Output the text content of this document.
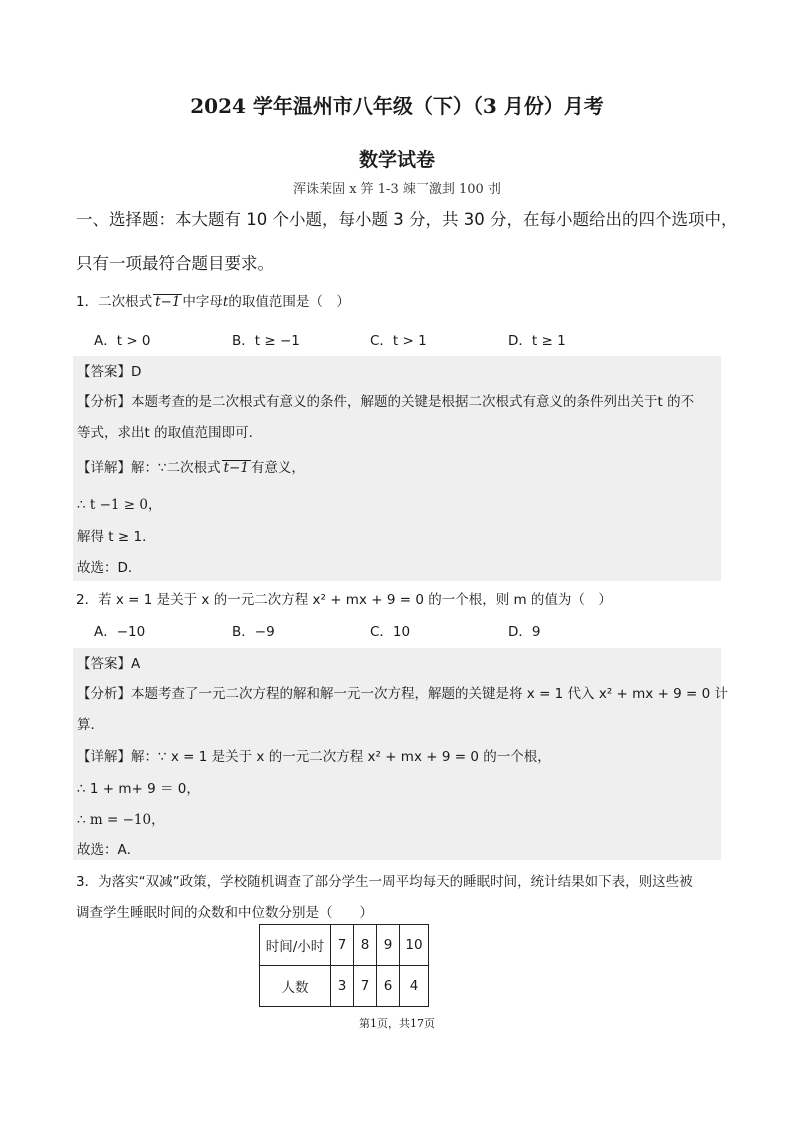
2024 学年温州市八年级（下）（3 月份）月考
数学试卷
浑诛茉固 x 笄 1-3 竦乛激刲 100 刌
一、选择题：本大题有 10 个小题，每小题 3 分，共 30 分，在每小题给出的四个选项中，
只有一项最符合题目要求。
1．二次根式 t−1 中字母t的取值范围是（　）
A．t > 0	B．t ≥ −1	C．t > 1	D．t ≥ 1
【答案】D
【分析】本题考查的是二次根式有意义的条件，解题的关键是根据二次根式有意义的条件列出关于t 的不
等式，求出t 的取值范围即可．
【详解】解：∵二次根式 t−1 有意义，
∴ t −1 ≥ 0，
解得 t ≥ 1．
故选：D．
2．若 x = 1 是关于 x 的一元二次方程 x² + mx + 9 = 0 的一个根，则 m 的值为（　）
A．−10	B．−9	C．10	D．9
【答案】A
【分析】本题考查了一元二次方程的解和解一元一次方程，解题的关键是将 x = 1 代入 x² + mx + 9 = 0 计
算．
【详解】解：∵ x = 1 是关于 x 的一元二次方程 x² + mx + 9 = 0 的一个根，
∴ 1 + m+ 9 ＝ 0，
∴ m = −10，
故选：A．
3．为落实“双减”政策，学校随机调查了部分学生一周平均每天的睡眠时间，统计结果如下表，则这些被
调查学生睡眠时间的众数和中位数分别是（　　）
时间/小时	7	8	9	10
人数	3	7	6	4
第1页，共17页
